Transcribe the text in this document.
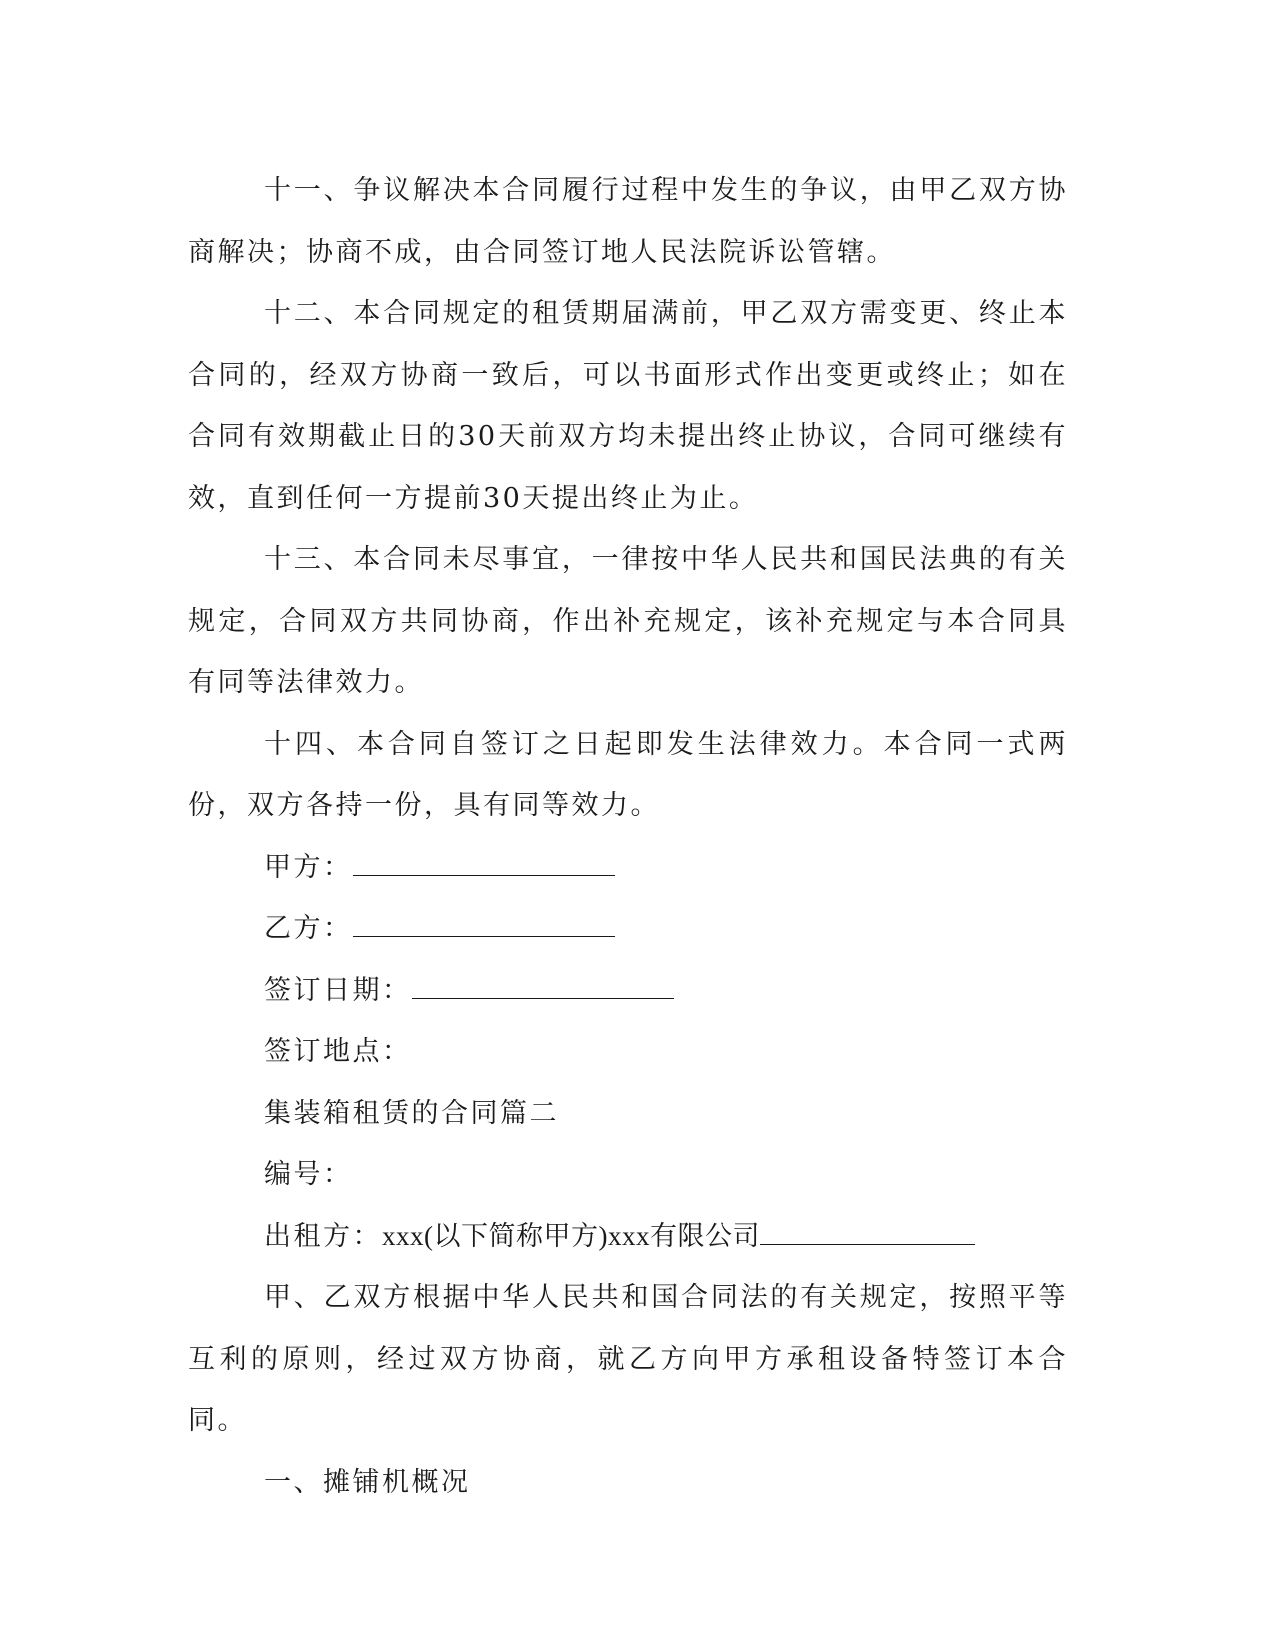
十一、争议解决本合同履行过程中发生的争议，由甲乙双方协商解决；协商不成，由合同签订地人民法院诉讼管辖。

十二、本合同规定的租赁期届满前，甲乙双方需变更、终止本合同的，经双方协商一致后，可以书面形式作出变更或终止；如在合同有效期截止日的30天前双方均未提出终止协议，合同可继续有效，直到任何一方提前30天提出终止为止。

十三、本合同未尽事宜，一律按中华人民共和国民法典的有关规定，合同双方共同协商，作出补充规定，该补充规定与本合同具有同等法律效力。

十四、本合同自签订之日起即发生法律效力。本合同一式两份，双方各持一份，具有同等效力。

甲方：
乙方：
签订日期：
签订地点：
集装箱租赁的合同篇二
编号：
出租方：xxx(以下简称甲方)xxx有限公司

甲、乙双方根据中华人民共和国合同法的有关规定，按照平等互利的原则，经过双方协商，就乙方向甲方承租设备特签订本合同。

一、摊铺机概况
